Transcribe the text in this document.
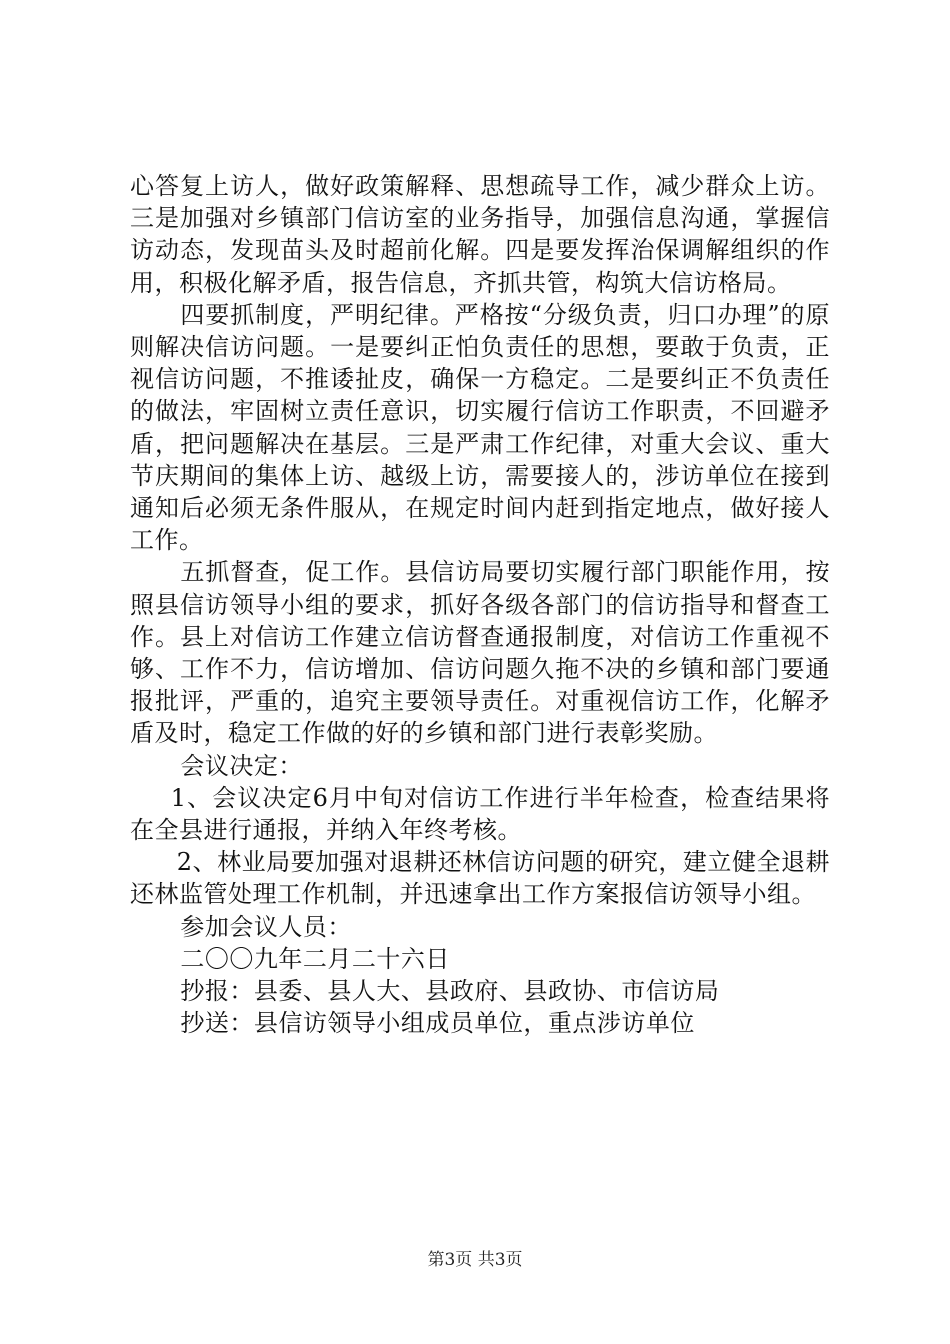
心答复上访人，做好政策解释、思想疏导工作，减少群众上访。三是加强对乡镇部门信访室的业务指导，加强信息沟通，掌握信访动态，发现苗头及时超前化解。四是要发挥治保调解组织的作用，积极化解矛盾，报告信息，齐抓共管，构筑大信访格局。

四要抓制度，严明纪律。严格按“分级负责，归口办理”的原则解决信访问题。一是要纠正怕负责任的思想，要敢于负责，正视信访问题，不推诿扯皮，确保一方稳定。二是要纠正不负责任的做法，牢固树立责任意识，切实履行信访工作职责，不回避矛盾，把问题解决在基层。三是严肃工作纪律，对重大会议、重大节庆期间的集体上访、越级上访，需要接人的，涉访单位在接到通知后必须无条件服从，在规定时间内赶到指定地点，做好接人工作。

五抓督查，促工作。县信访局要切实履行部门职能作用，按照县信访领导小组的要求，抓好各级各部门的信访指导和督查工作。县上对信访工作建立信访督查通报制度，对信访工作重视不够、工作不力，信访增加、信访问题久拖不决的乡镇和部门要通报批评，严重的，追究主要领导责任。对重视信访工作，化解矛盾及时，稳定工作做的好的乡镇和部门进行表彰奖励。

会议决定：

1、会议决定6月中旬对信访工作进行半年检查，检查结果将在全县进行通报，并纳入年终考核。

2、林业局要加强对退耕还林信访问题的研究，建立健全退耕还林监管处理工作机制，并迅速拿出工作方案报信访领导小组。

参加会议人员：

二〇〇九年二月二十六日

抄报：县委、县人大、县政府、县政协、市信访局

抄送：县信访领导小组成员单位，重点涉访单位

第3页 共3页
